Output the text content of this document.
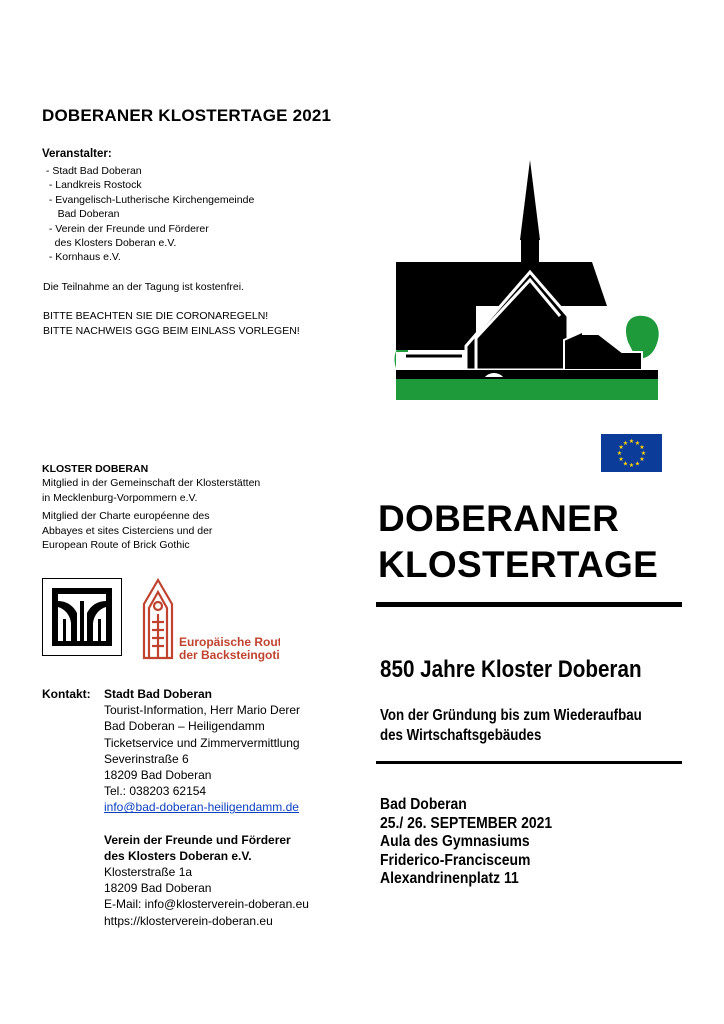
DOBERANER KLOSTERTAGE 2021
Veranstalter:
- Stadt Bad Doberan
- Landkreis Rostock
- Evangelisch-Lutherische Kirchengemeinde
Bad Doberan
- Verein der Freunde und Förderer
des Klosters Doberan e.V.
- Kornhaus e.V.
Die Teilnahme an der Tagung ist kostenfrei.
BITTE BEACHTEN SIE DIE CORONAREGELN!
BITTE NACHWEIS GGG BEIM EINLASS VORLEGEN!
KLOSTER DOBERAN
Mitglied in der Gemeinschaft der Klosterstätten
in Mecklenburg-Vorpommern e.V.
Mitglied der Charte européenne des
Abbayes et sites Cisterciens und der
European Route of Brick Gothic
Europäische Route
der Backsteingotik
Kontakt: Stadt Bad Doberan
Tourist-Information, Herr Mario Derer
Bad Doberan – Heiligendamm
Ticketservice und Zimmervermittlung
Severinstraße 6
18209 Bad Doberan
Tel.: 038203 62154
info@bad-doberan-heiligendamm.de
Verein der Freunde und Förderer
des Klosters Doberan e.V.
Klosterstraße 1a
18209 Bad Doberan
E-Mail: info@klosterverein-doberan.eu
https://klosterverein-doberan.eu
★ ★
★
★
★
★
★
★
★
★
★
★
DOBERANER
KLOSTERTAGE
850 Jahre Kloster Doberan
Von der Gründung bis zum Wiederaufbau
des Wirtschaftsgebäudes
Bad Doberan
25./ 26. SEPTEMBER 2021
Aula des Gymnasiums
Friderico-Francisceum
Alexandrinenplatz 11
